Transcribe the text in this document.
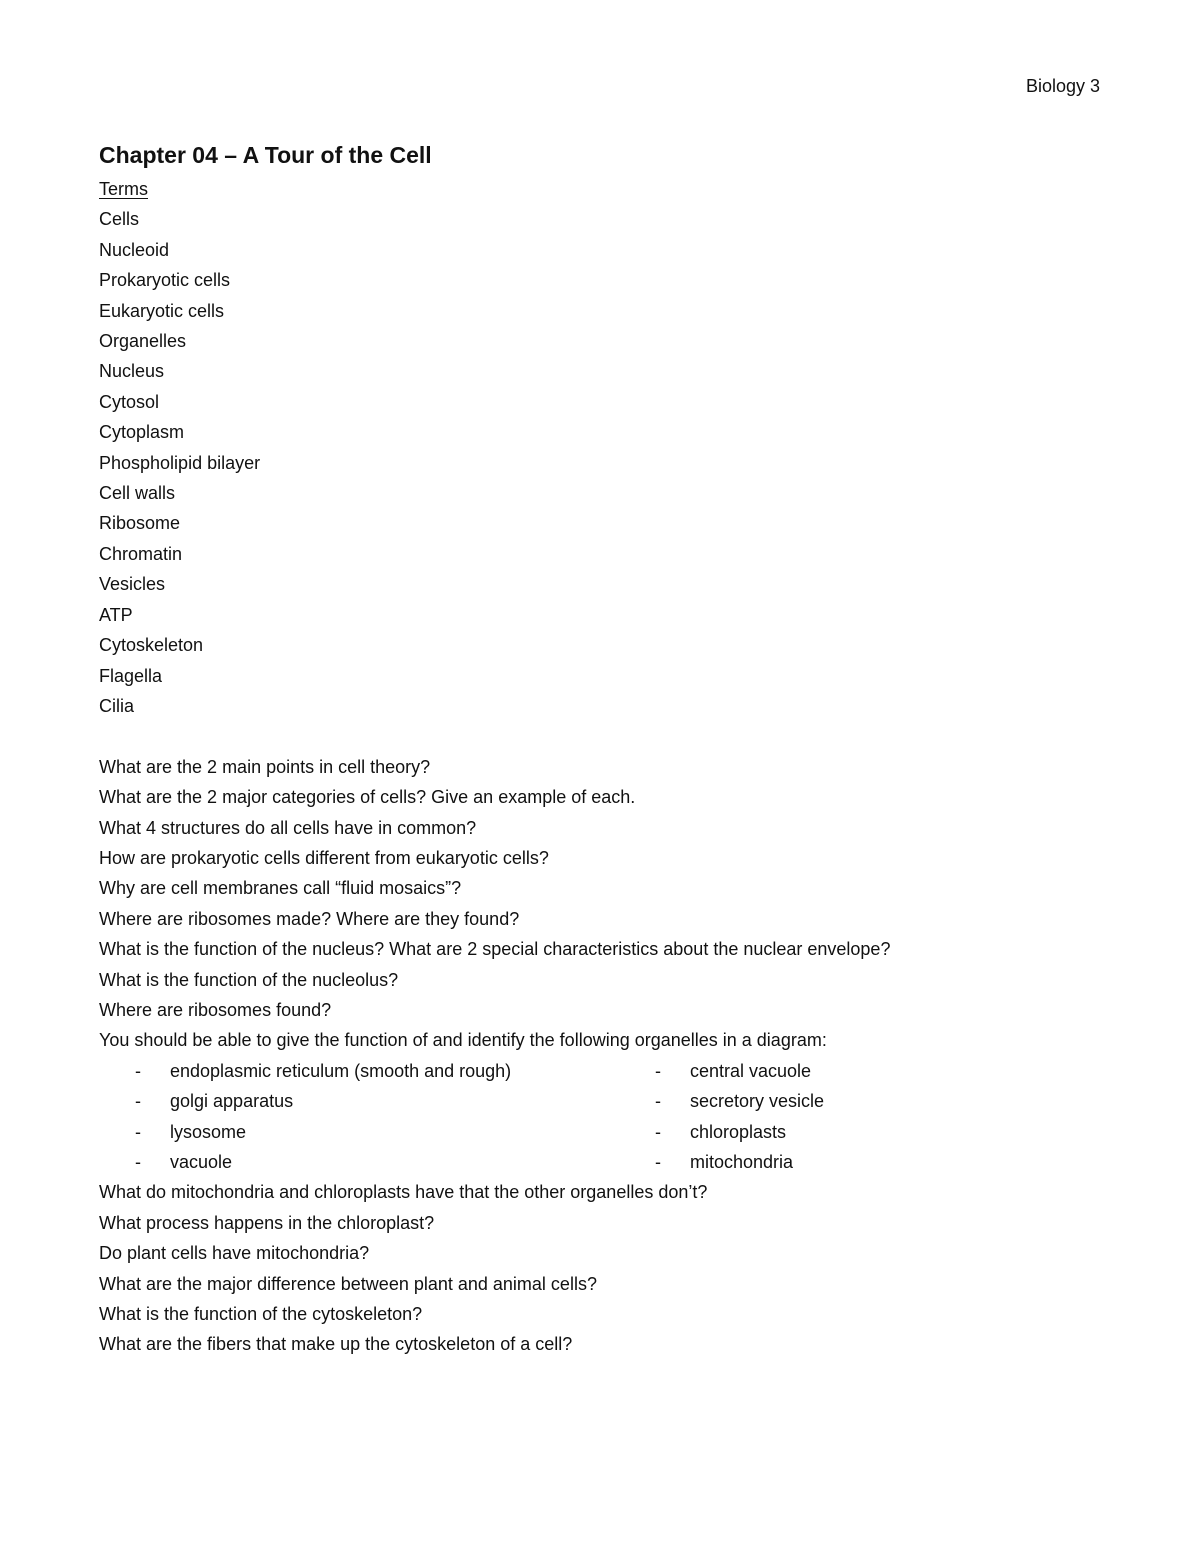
Biology 3
Chapter 04 – A Tour of the Cell
Terms
Cells
Nucleoid
Prokaryotic cells
Eukaryotic cells
Organelles
Nucleus
Cytosol
Cytoplasm
Phospholipid bilayer
Cell walls
Ribosome
Chromatin
Vesicles
ATP
Cytoskeleton
Flagella
Cilia
What are the 2 main points in cell theory?
What are the 2 major categories of cells? Give an example of each.
What 4 structures do all cells have in common?
How are prokaryotic cells different from eukaryotic cells?
Why are cell membranes call “fluid mosaics”?
Where are ribosomes made? Where are they found?
What is the function of the nucleus? What are 2 special characteristics about the nuclear envelope?
What is the function of the nucleolus?
Where are ribosomes found?
You should be able to give the function of and identify the following organelles in a diagram:
- endoplasmic reticulum (smooth and rough)	- central vacuole
- golgi apparatus	- secretory vesicle
- lysosome	- chloroplasts
- vacuole	- mitochondria
What do mitochondria and chloroplasts have that the other organelles don’t?
What process happens in the chloroplast?
Do plant cells have mitochondria?
What are the major difference between plant and animal cells?
What is the function of the cytoskeleton?
What are the fibers that make up the cytoskeleton of a cell?
